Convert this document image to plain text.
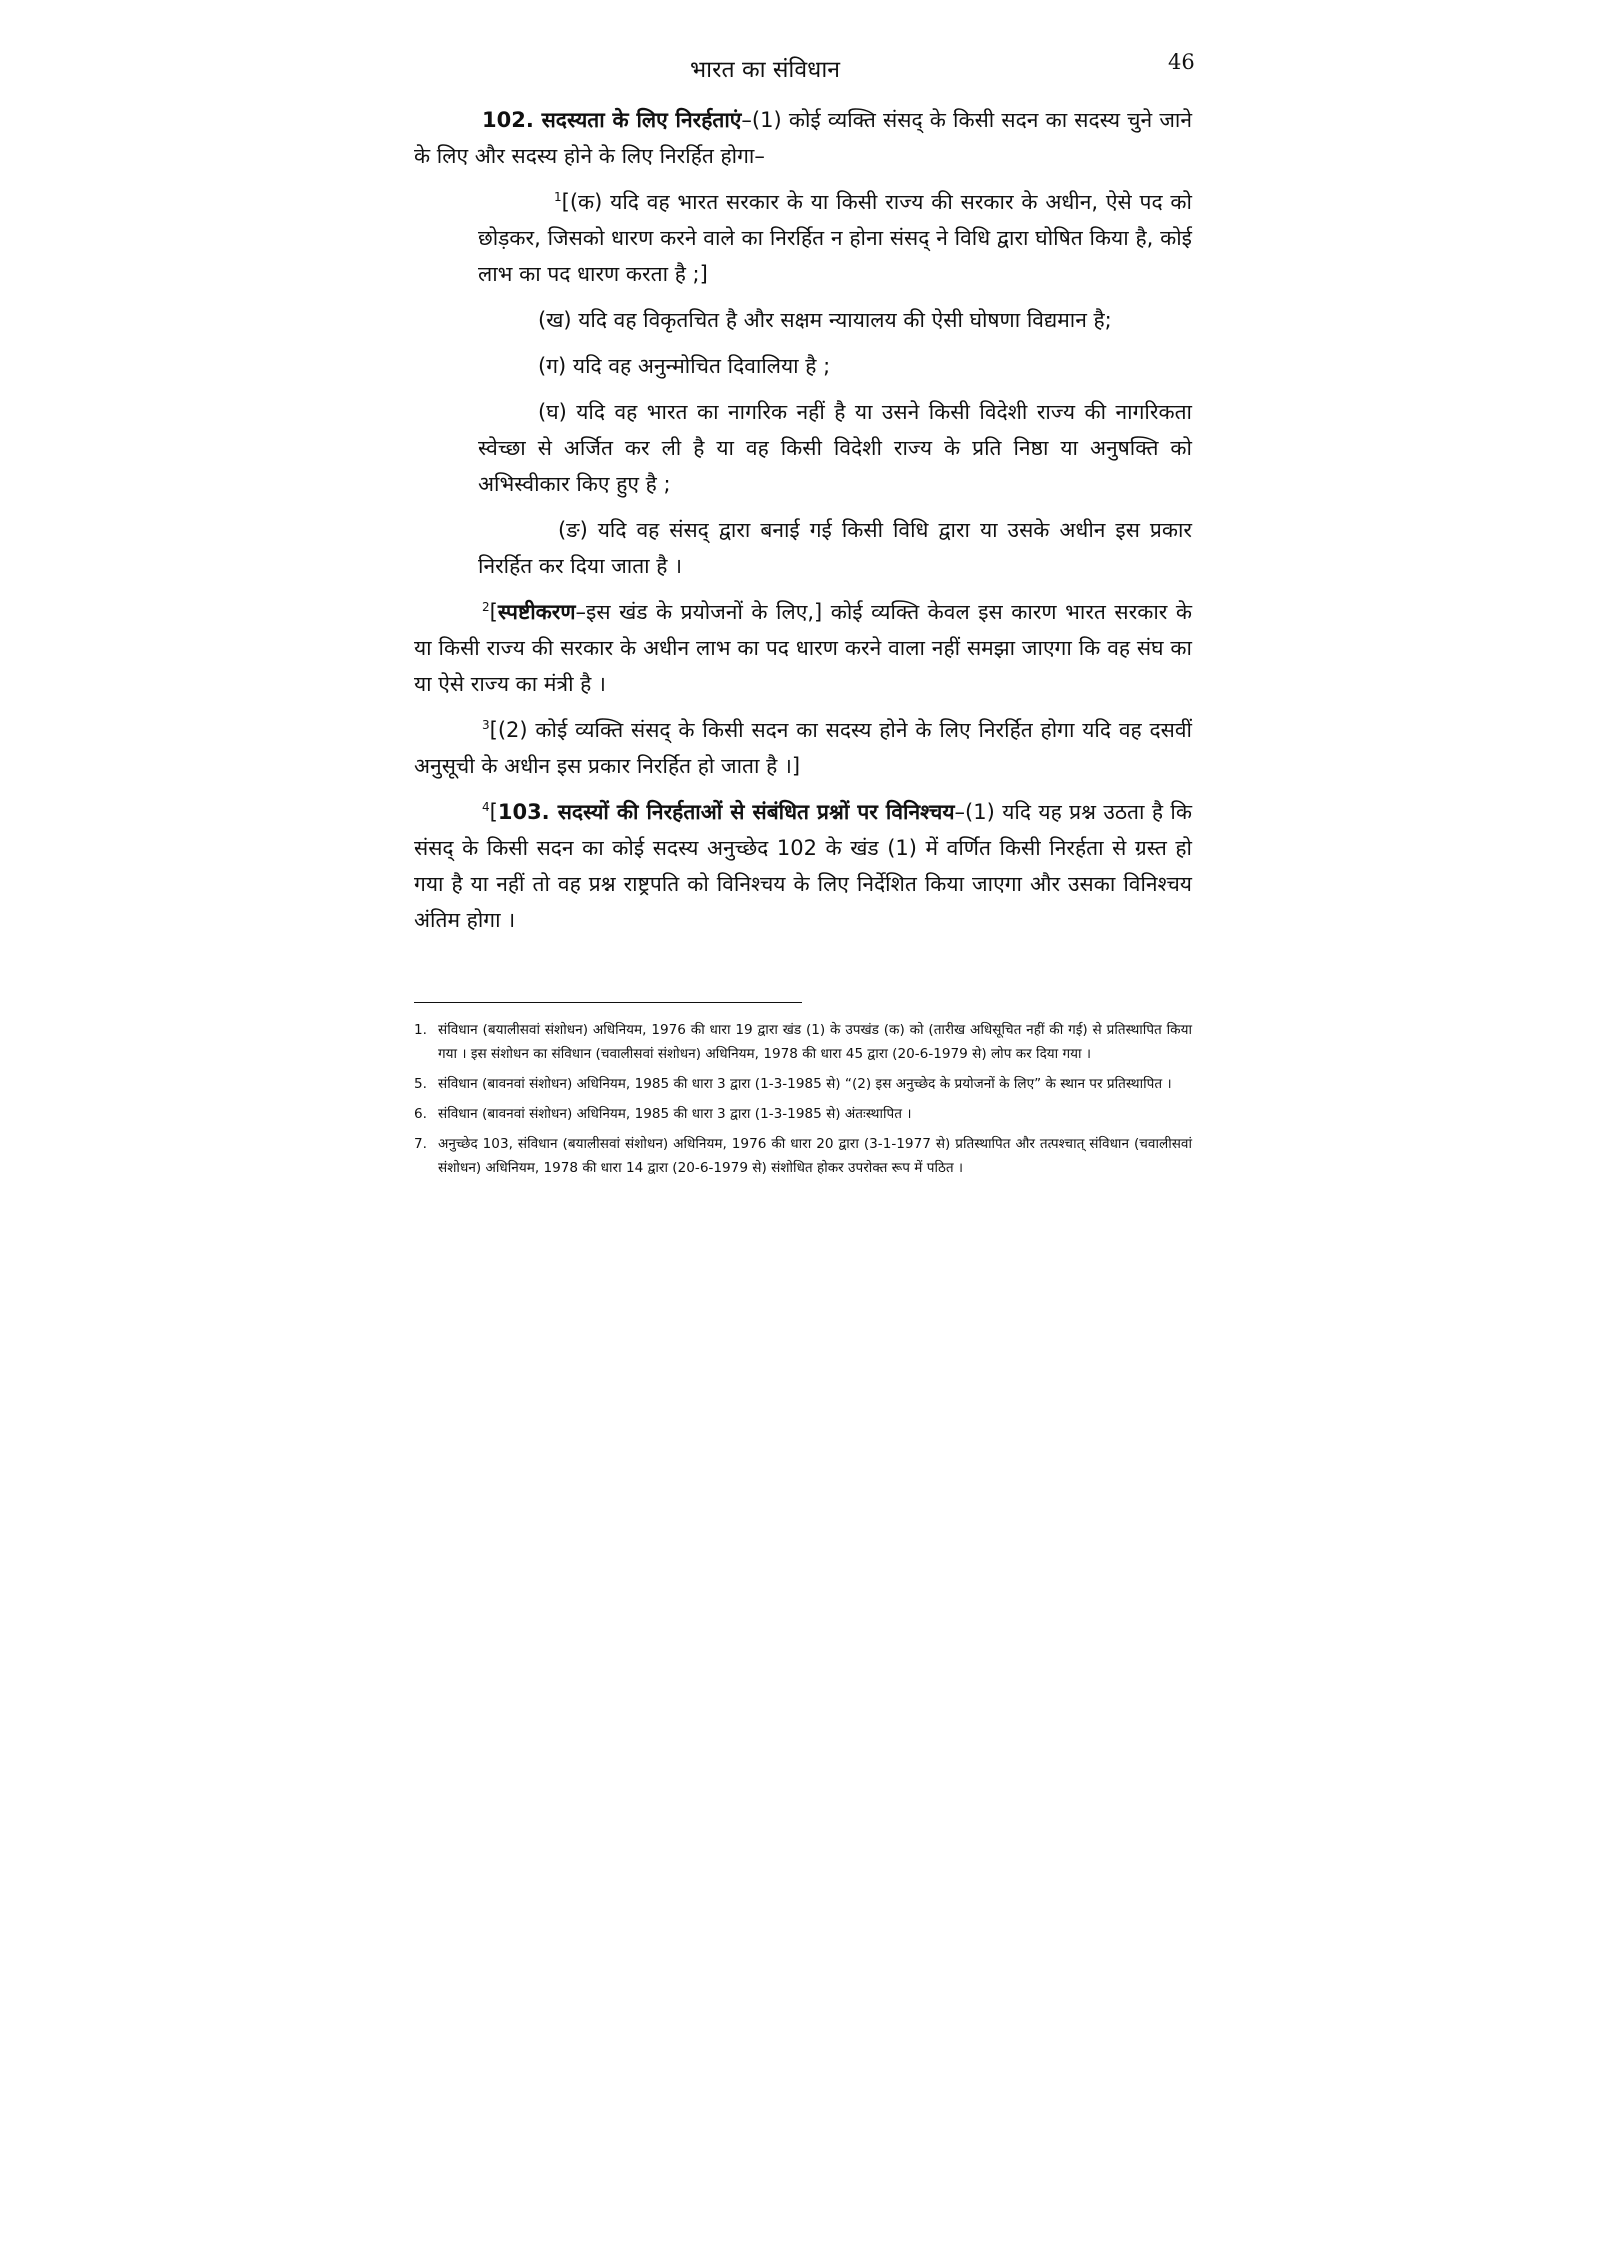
भारत का संविधान	46

102. सदस्यता के लिए निरर्हताएं–(1) कोई व्यक्ति संसद् के किसी सदन का सदस्य चुने जाने के लिए और सदस्य होने के लिए निरर्हित होगा–

$^1$[(क) यदि वह भारत सरकार के या किसी राज्य की सरकार के अधीन, ऐसे पद को छोड़कर, जिसको धारण करने वाले का निरर्हित न होना संसद् ने विधि द्वारा घोषित किया है, कोई लाभ का पद धारण करता है ;]

(ख) यदि वह विकृतचित है और सक्षम न्यायालय की ऐसी घोषणा विद्यमान है;

(ग) यदि वह अनुन्मोचित दिवालिया है ;

(घ) यदि वह भारत का नागरिक नहीं है या उसने किसी विदेशी राज्य की नागरिकता स्वेच्छा से अर्जित कर ली है या वह किसी विदेशी राज्य के प्रति निष्ठा या अनुषक्ति को अभिस्वीकार किए हुए है ;

(ङ) यदि वह संसद् द्वारा बनाई गई किसी विधि द्वारा या उसके अधीन इस प्रकार निरर्हित कर दिया जाता है ।

$^2$[स्पष्टीकरण–इस खंड के प्रयोजनों के लिए,] कोई व्यक्ति केवल इस कारण भारत सरकार के या किसी राज्य की सरकार के अधीन लाभ का पद धारण करने वाला नहीं समझा जाएगा कि वह संघ का या ऐसे राज्य का मंत्री है ।

$^3$[(2) कोई व्यक्ति संसद् के किसी सदन का सदस्य होने के लिए निरर्हित होगा यदि वह दसवीं अनुसूची के अधीन इस प्रकार निरर्हित हो जाता है ।]

$^4$[103. सदस्यों की निरर्हताओं से संबंधित प्रश्नों पर विनिश्चय–(1) यदि यह प्रश्न उठता है कि संसद् के किसी सदन का कोई सदस्य अनुच्छेद 102 के खंड (1) में वर्णित किसी निरर्हता से ग्रस्त हो गया है या नहीं तो वह प्रश्न राष्ट्रपति को विनिश्चय के लिए निर्देशित किया जाएगा और उसका विनिश्चय अंतिम होगा ।

1. संविधान (बयालीसवां संशोधन) अधिनियम, 1976 की धारा 19 द्वारा खंड (1) के उपखंड (क) को (तारीख अधिसूचित नहीं की गई) से प्रतिस्थापित किया गया । इस संशोधन का संविधान (चवालीसवां संशोधन) अधिनियम, 1978 की धारा 45 द्वारा (20-6-1979 से) लोप कर दिया गया ।

5. संविधान (बावनवां संशोधन) अधिनियम, 1985 की धारा 3 द्वारा (1-3-1985 से) “(2) इस अनुच्छेद के प्रयोजनों के लिए” के स्थान पर प्रतिस्थापित ।

6. संविधान (बावनवां संशोधन) अधिनियम, 1985 की धारा 3 द्वारा (1-3-1985 से) अंतःस्थापित ।

7. अनुच्छेद 103, संविधान (बयालीसवां संशोधन) अधिनियम, 1976 की धारा 20 द्वारा (3-1-1977 से) प्रतिस्थापित और तत्पश्चात् संविधान (चवालीसवां संशोधन) अधिनियम, 1978 की धारा 14 द्वारा (20-6-1979 से) संशोधित होकर उपरोक्त रूप में पठित ।
